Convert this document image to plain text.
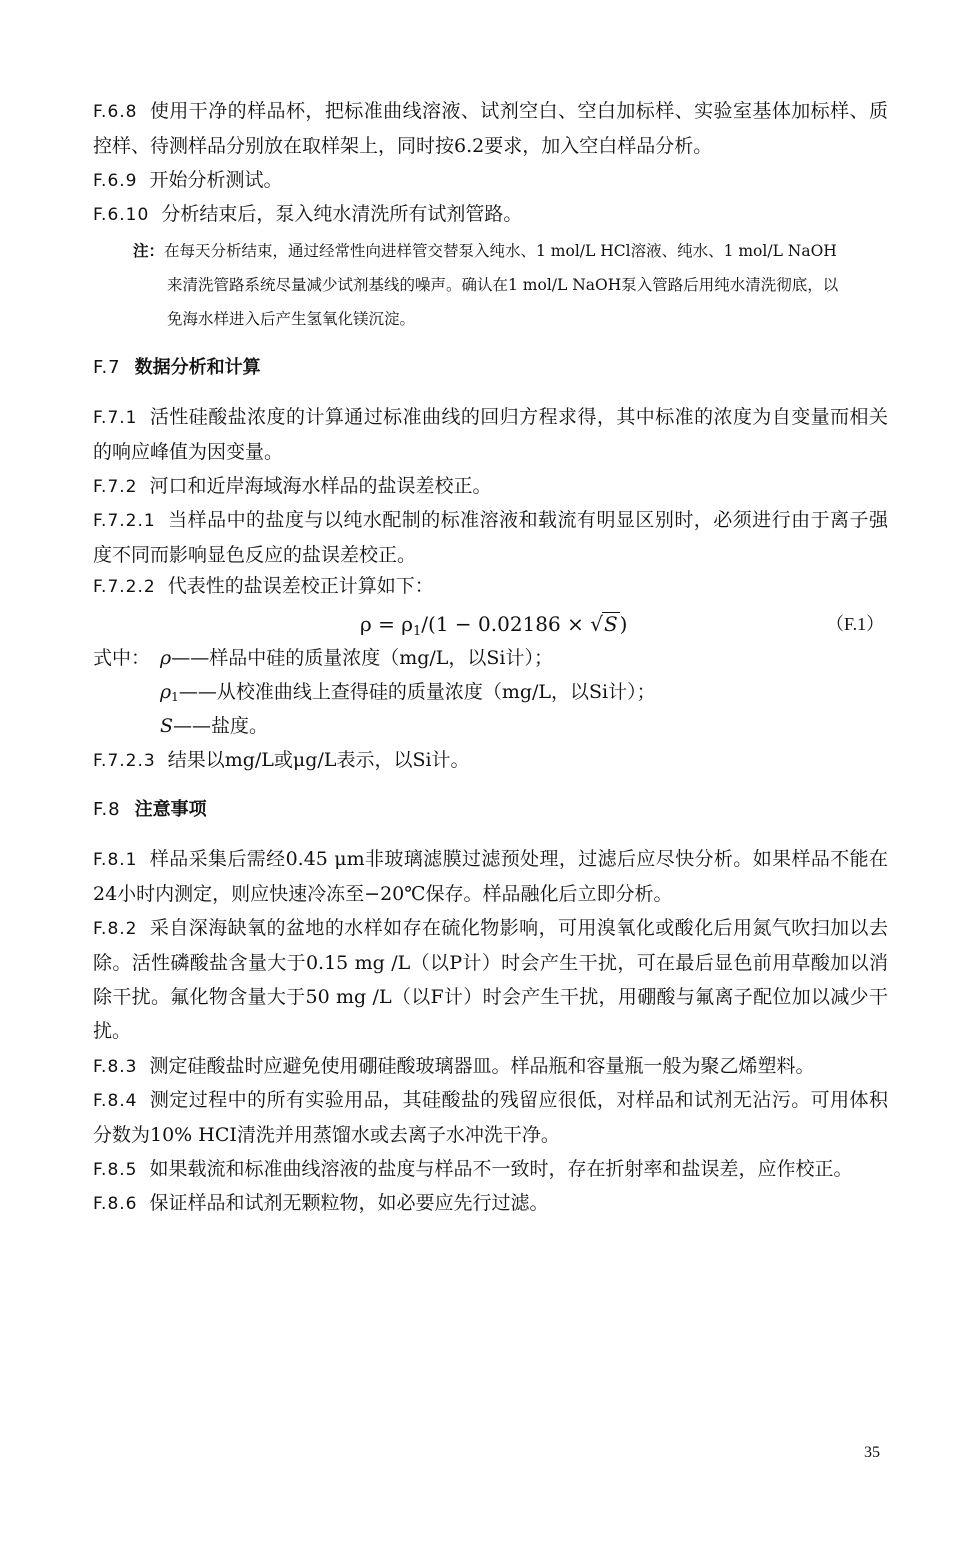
F.6.8 使用干净的样品杯，把标准曲线溶液、试剂空白、空白加标样、实验室基体加标样、质控样、待测样品分别放在取样架上，同时按6.2要求，加入空白样品分析。
F.6.9 开始分析测试。
F.6.10 分析结束后，泵入纯水清洗所有试剂管路。
注：在每天分析结束，通过经常性向进样管交替泵入纯水、1 mol/L HCl溶液、纯水、1 mol/L NaOH
来清洗管路系统尽量减少试剂基线的噪声。确认在1 mol/L NaOH泵入管路后用纯水清洗彻底，以
免海水样进入后产生氢氧化镁沉淀。
F.7 数据分析和计算
F.7.1 活性硅酸盐浓度的计算通过标准曲线的回归方程求得，其中标准的浓度为自变量而相关的响应峰值为因变量。
F.7.2 河口和近岸海域海水样品的盐误差校正。
F.7.2.1 当样品中的盐度与以纯水配制的标准溶液和载流有明显区别时，必须进行由于离子强度不同而影响显色反应的盐误差校正。
F.7.2.2 代表性的盐误差校正计算如下：
$\rho = \rho_1/(1 - 0.02186 \times √S$ )	（F.1）
式中： ρ——样品中硅的质量浓度（mg/L，以Si计）；
$\rho_1——$从校准曲线上查得硅的质量浓度（mg/L，以Si计）；
S——盐度。
F.7.2.3 结果以mg/L或μg/L表示，以Si计。
F.8 注意事项
F.8.1 样品采集后需经0.45 μm非玻璃滤膜过滤预处理，过滤后应尽快分析。如果样品不能在24小时内测定，则应快速冷冻至−20℃保存。样品融化后立即分析。
F.8.2 采自深海缺氧的盆地的水样如存在硫化物影响，可用溴氧化或酸化后用氮气吹扫加以去除。活性磷酸盐含量大于0.15 mg /L（以P计）时会产生干扰，可在最后显色前用草酸加以消除干扰。氟化物含量大于50 mg /L（以F计）时会产生干扰，用硼酸与氟离子配位加以减少干扰。
F.8.3 测定硅酸盐时应避免使用硼硅酸玻璃器皿。样品瓶和容量瓶一般为聚乙烯塑料。
F.8.4 测定过程中的所有实验用品，其硅酸盐的残留应很低，对样品和试剂无沾污。可用体积分数为10% HCI清洗并用蒸馏水或去离子水冲洗干净。
F.8.5 如果载流和标准曲线溶液的盐度与样品不一致时，存在折射率和盐误差，应作校正。
F.8.6 保证样品和试剂无颗粒物，如必要应先行过滤。
35
